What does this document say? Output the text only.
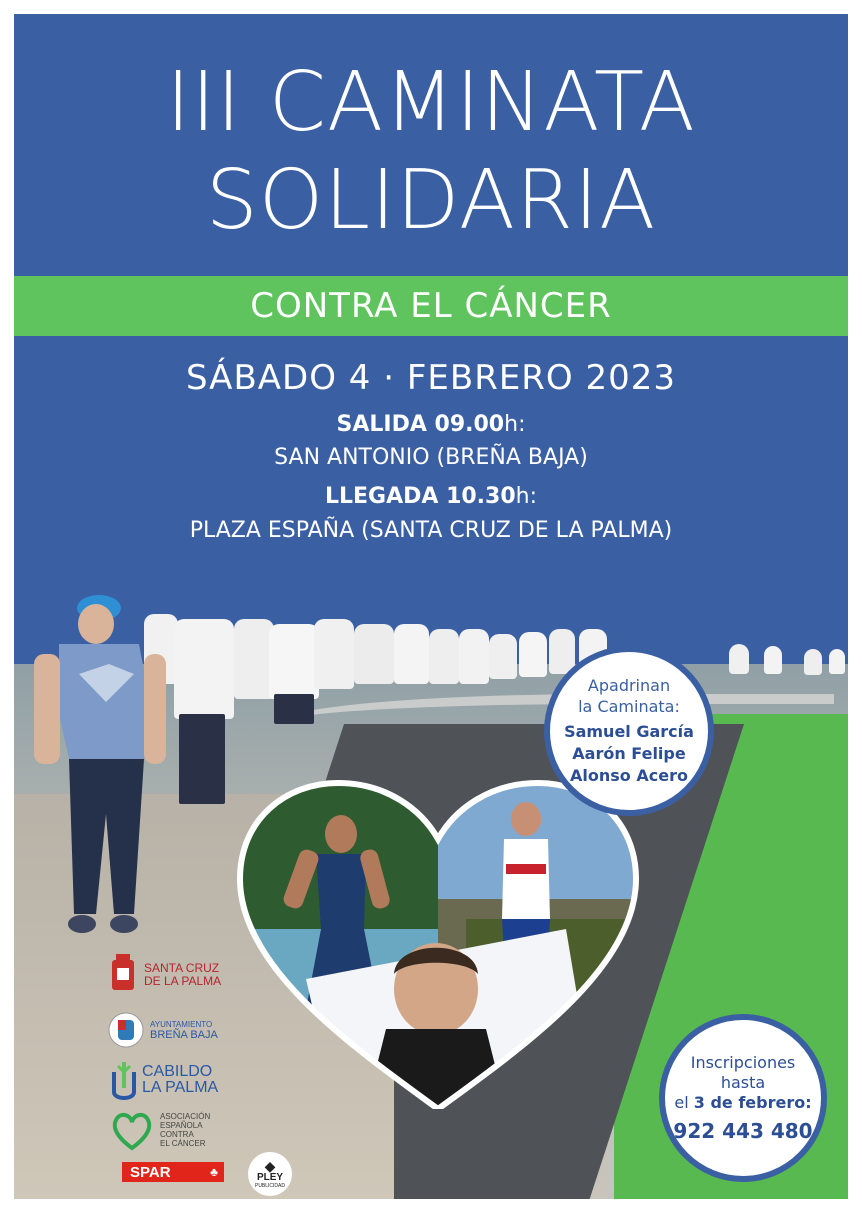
III CAMINATA
SOLIDARIA
CONTRA EL CÁNCER
SÁBADO 4 · FEBRERO 2023
SALIDA 09.00h:
SAN ANTONIO (BREÑA BAJA)
LLEGADA 10.30h:
PLAZA ESPAÑA (SANTA CRUZ DE LA PALMA)
SANTA CRUZ
DE LA PALMA
AYUNTAMIENTO
BREÑA BAJA
CABILDO
LA PALMA
ASOCIACIÓN
ESPAÑOLA
CONTRA
EL CÁNCER
Apadrinan
la Caminata:
Samuel García
Aarón Felipe
Alonso Acero
Inscripciones
hasta
el 3 de febrero:
922 443 480
SPAR	♣	◆
PLEY
PUBLICIDAD
